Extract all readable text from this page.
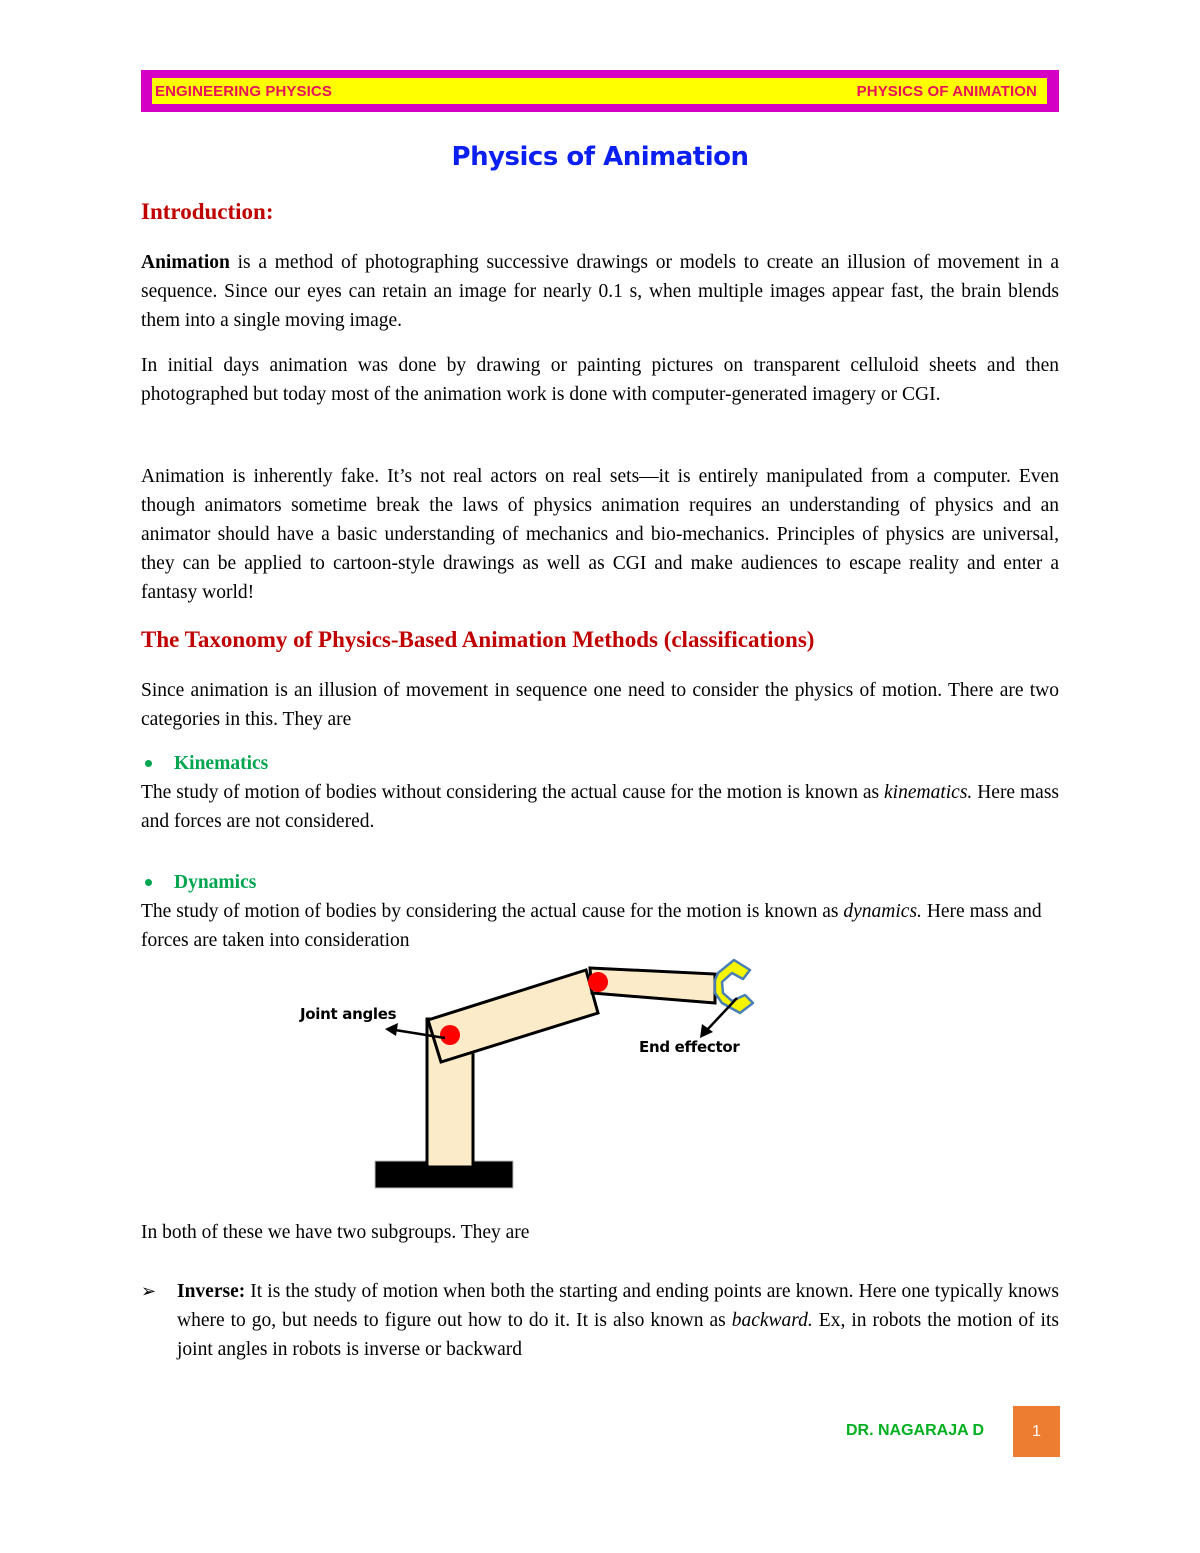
ENGINEERING PHYSICS	PHYSICS OF ANIMATION
Physics of Animation
Introduction:

Animation is a method of photographing successive drawings or models to create an illusion of movement in a sequence. Since our eyes can retain an image for nearly 0.1 s, when multiple images appear fast, the brain blends them into a single moving image.

In initial days animation was done by drawing or painting pictures on transparent celluloid sheets and then photographed but today most of the animation work is done with computer-generated imagery or CGI.

Animation is inherently fake. It’s not real actors on real sets—it is entirely manipulated from a computer. Even though animators sometime break the laws of physics animation requires an understanding of physics and an animator should have a basic understanding of mechanics and bio-mechanics. Principles of physics are universal, they can be applied to cartoon-style drawings as well as CGI and make audiences to escape reality and enter a fantasy world!

The Taxonomy of Physics-Based Animation Methods (classifications)

Since animation is an illusion of movement in sequence one need to consider the physics of motion. There are two categories in this. They are

Kinematics

The study of motion of bodies without considering the actual cause for the motion is known as kinematics. Here mass and forces are not considered.

Dynamics

The study of motion of bodies by considering the actual cause for the motion is known as dynamics. Here mass and forces are taken into consideration

Joint angles
End effector

In both of these we have two subgroups. They are

➢	Inverse: It is the study of motion when both the starting and ending points are known. Here one typically knows where to go, but needs to figure out how to do it. It is also known as backward. Ex, in robots the motion of its joint angles in robots is inverse or backward

DR. NAGARAJA D	1
